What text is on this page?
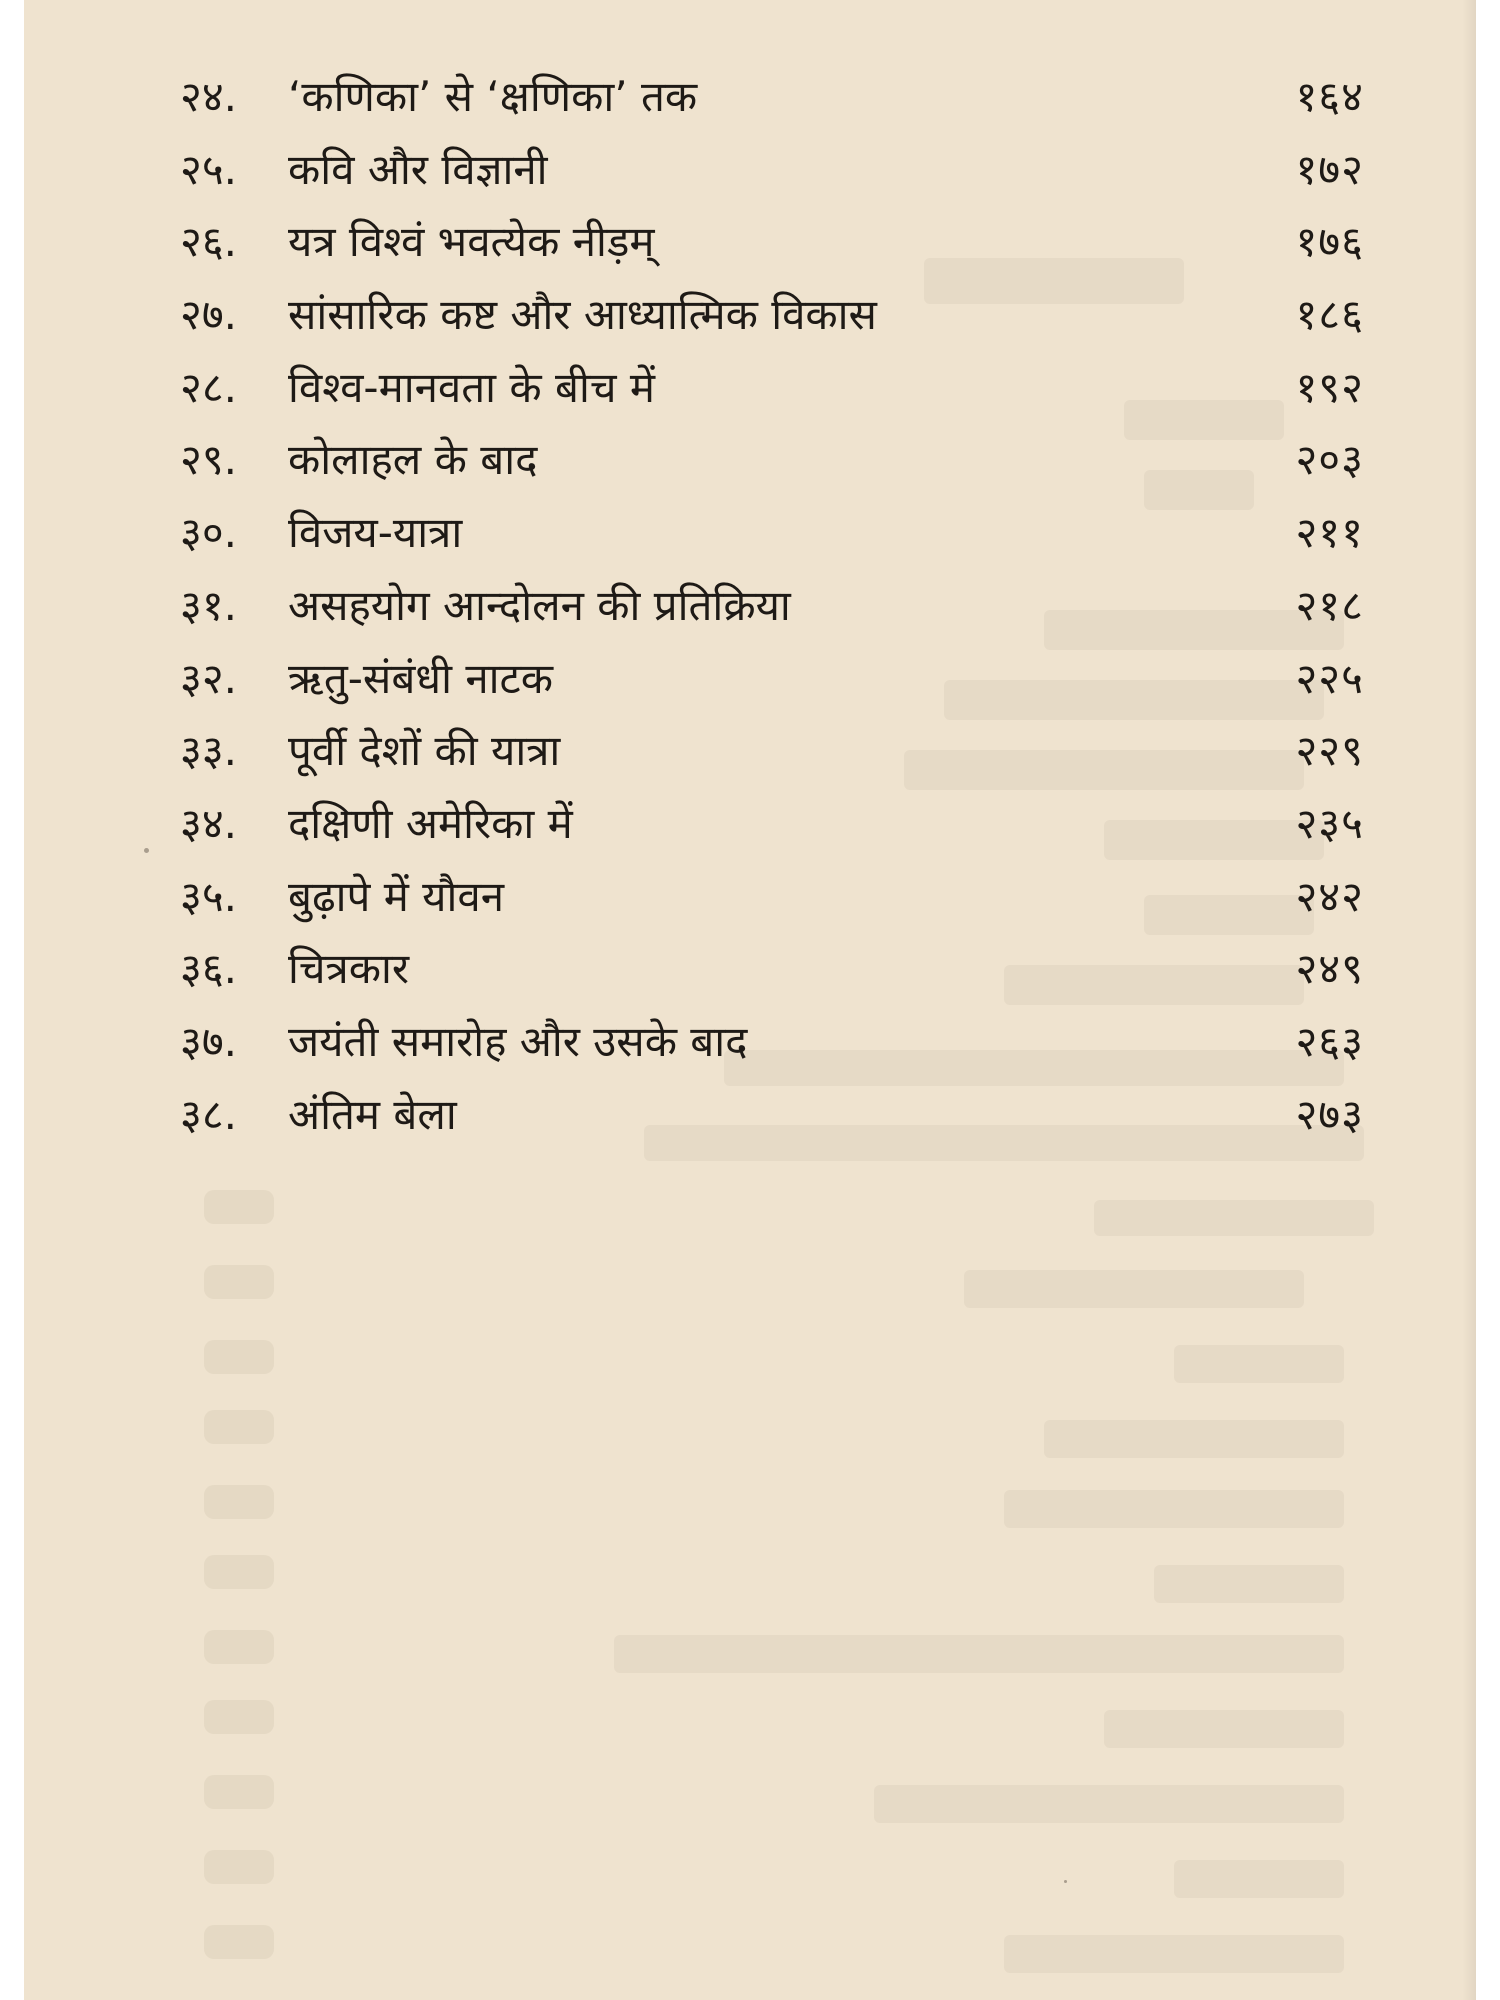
२४. ‘कणिका’ से ‘क्षणिका’ तक	१६४
२५. कवि और विज्ञानी	१७२
२६. यत्र विश्वं भवत्येक नीड़म्	१७६
२७. सांसारिक कष्ट और आध्यात्मिक विकास	१८६
२८. विश्व-मानवता के बीच में	१९२
२९. कोलाहल के बाद	२०३
३०. विजय-यात्रा	२११
३१. असहयोग आन्दोलन की प्रतिक्रिया	२१८
३२. ऋतु-संबंधी नाटक	२२५
३३. पूर्वी देशों की यात्रा	२२९
३४. दक्षिणी अमेरिका में	२३५
३५. बुढ़ापे में यौवन	२४२
३६. चित्रकार	२४९
३७. जयंती समारोह और उसके बाद	२६३
३८. अंतिम बेला	२७३
